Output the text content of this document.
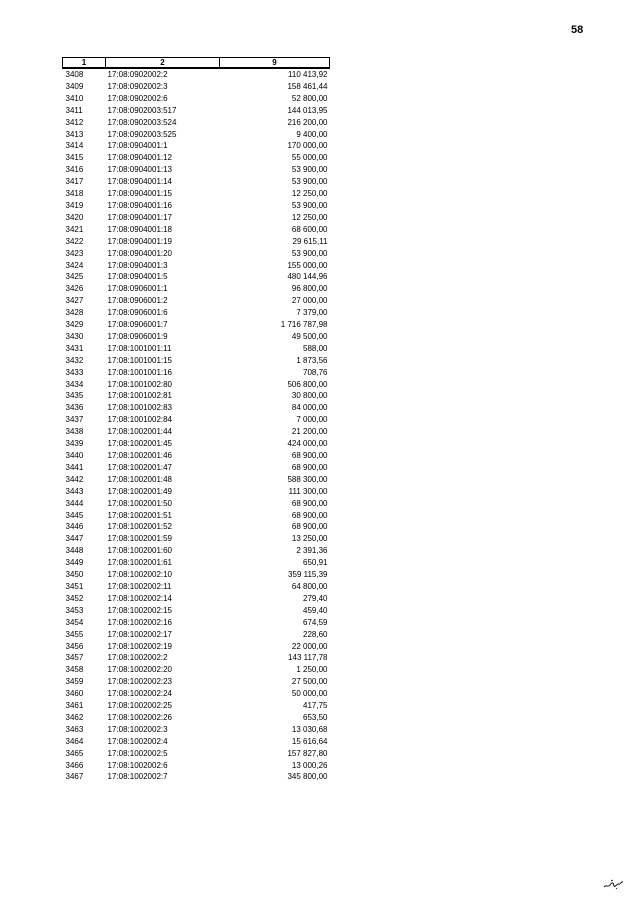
58
1	2	9
3408	17:08:0902002:2	110 413,92
3409	17:08:0902002:3	158 461,44
3410	17:08:0902002:6	52 800,00
3411	17:08:0902003:517	144 013,95
3412	17:08:0902003:524	216 200,00
3413	17:08:0902003:525	9 400,00
3414	17:08:0904001:1	170 000,00
3415	17:08:0904001:12	55 000,00
3416	17:08:0904001:13	53 900,00
3417	17:08:0904001:14	53 900,00
3418	17:08:0904001:15	12 250,00
3419	17:08:0904001:16	53 900,00
3420	17:08:0904001:17	12 250,00
3421	17:08:0904001:18	68 600,00
3422	17:08:0904001:19	29 615,11
3423	17:08:0904001:20	53 900,00
3424	17:08:0904001:3	155 000,00
3425	17:08:0904001:5	480 144,96
3426	17:08:0906001:1	96 800,00
3427	17:08:0906001:2	27 000,00
3428	17:08:0906001:6	7 379,00
3429	17:08:0906001:7	1 716 787,98
3430	17:08:0906001:9	49 500,00
3431	17:08:1001001:11	588,00
3432	17:08:1001001:15	1 873,56
3433	17:08:1001001:16	708,76
3434	17:08:1001002:80	506 800,00
3435	17:08:1001002:81	30 800,00
3436	17:08:1001002:83	84 000,00
3437	17:08:1001002:84	7 000,00
3438	17:08:1002001:44	21 200,00
3439	17:08:1002001:45	424 000,00
3440	17:08:1002001:46	68 900,00
3441	17:08:1002001:47	68 900,00
3442	17:08:1002001:48	588 300,00
3443	17:08:1002001:49	111 300,00
3444	17:08:1002001:50	68 900,00
3445	17:08:1002001:51	68 900,00
3446	17:08:1002001:52	68 900,00
3447	17:08:1002001:59	13 250,00
3448	17:08:1002001:60	2 391,36
3449	17:08:1002001:61	650,91
3450	17:08:1002002:10	359 115,39
3451	17:08:1002002:11	64 800,00
3452	17:08:1002002:14	279,40
3453	17:08:1002002:15	459,40
3454	17:08:1002002:16	674,59
3455	17:08:1002002:17	228,60
3456	17:08:1002002:19	22 000,00
3457	17:08:1002002:2	143 117,78
3458	17:08:1002002:20	1 250,00
3459	17:08:1002002:23	27 500,00
3460	17:08:1002002:24	50 000,00
3461	17:08:1002002:25	417,75
3462	17:08:1002002:26	653,50
3463	17:08:1002002:3	13 030,68
3464	17:08:1002002:4	15 616,64
3465	17:08:1002002:5	157 827,80
3466	17:08:1002002:6	13 000,26
3467	17:08:1002002:7	345 800,00
